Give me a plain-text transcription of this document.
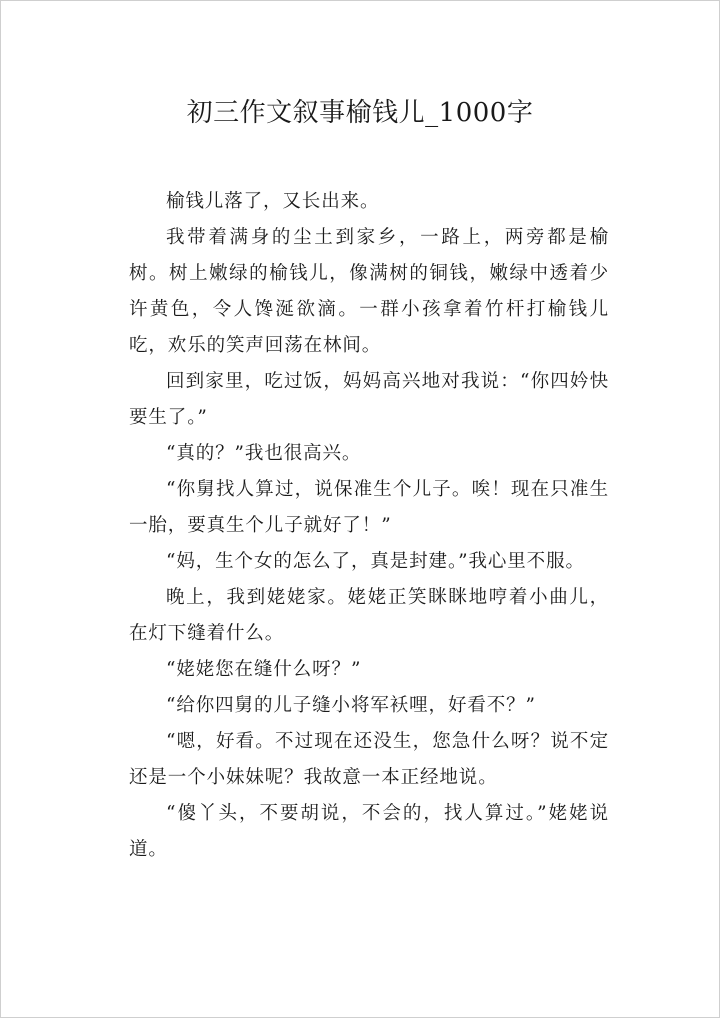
初三作文叙事榆钱儿_1000字

榆钱儿落了，又长出来。

我带着满身的尘土到家乡，一路上，两旁都是榆树。树上嫩绿的榆钱儿，像满树的铜钱，嫩绿中透着少许黄色，令人馋涎欲滴。一群小孩拿着竹杆打榆钱儿吃，欢乐的笑声回荡在林间。

回到家里，吃过饭，妈妈高兴地对我说：“你四妗快要生了。”

“真的？”我也很高兴。

“你舅找人算过，说保准生个儿子。唉！现在只准生一胎，要真生个儿子就好了！”

“妈，生个女的怎么了，真是封建。”我心里不服。

晚上，我到姥姥家。姥姥正笑眯眯地哼着小曲儿，在灯下缝着什么。

“姥姥您在缝什么呀？”

“给你四舅的儿子缝小将军袄哩，好看不？”

“嗯，好看。不过现在还没生，您急什么呀？说不定还是一个小妹妹呢？我故意一本正经地说。

“傻丫头，不要胡说，不会的，找人算过。”姥姥说道。
